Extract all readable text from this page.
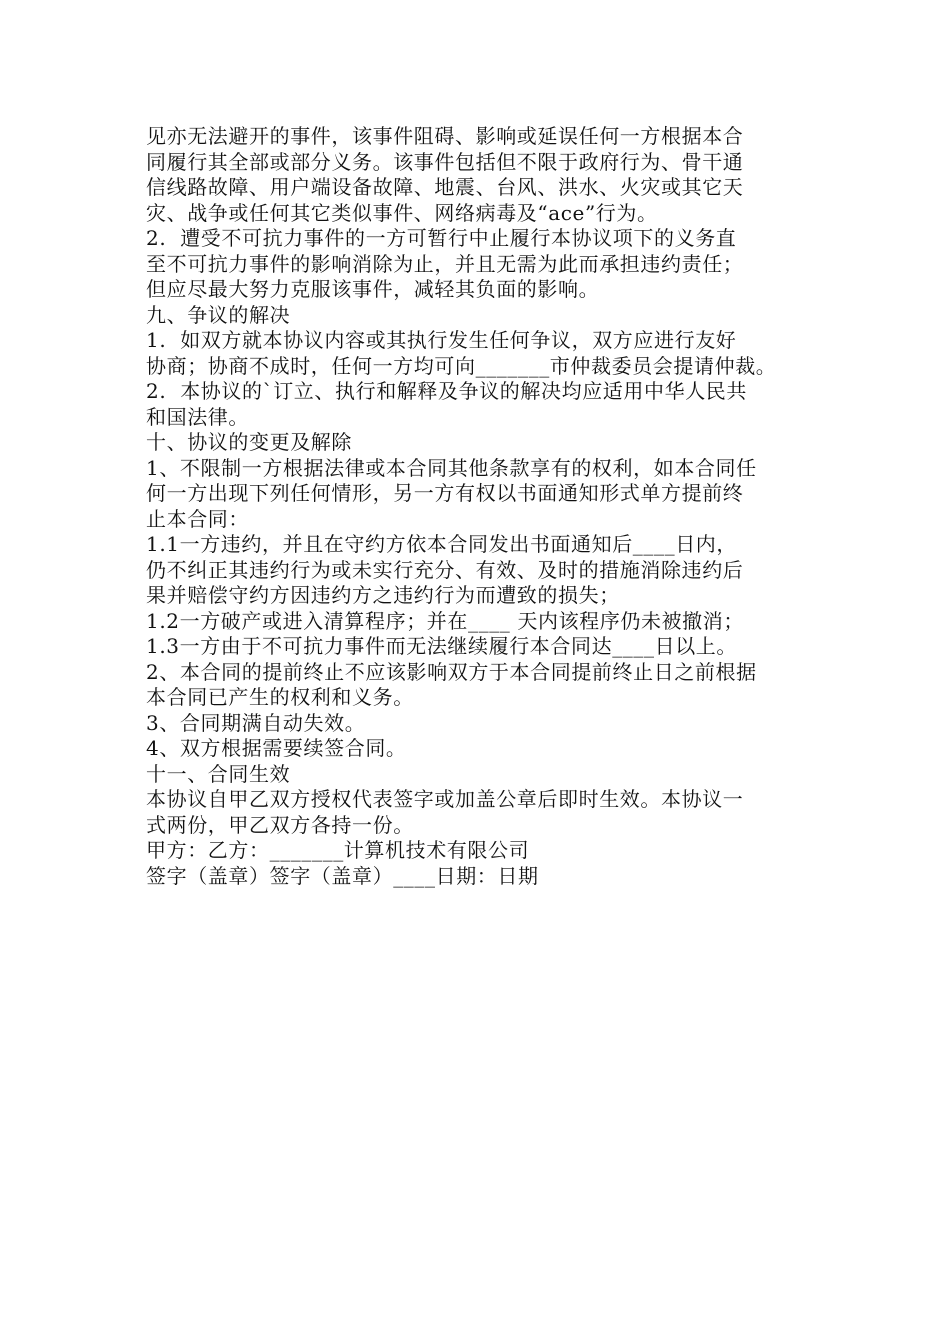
见亦无法避开的事件，该事件阻碍、影响或延误任何一方根据本合
同履行其全部或部分义务。该事件包括但不限于政府行为、骨干通
信线路故障、用户端设备故障、地震、台风、洪水、火灾或其它天
灾、战争或任何其它类似事件、网络病毒及“ace”行为。
2.  遭受不可抗力事件的一方可暂行中止履行本协议项下的义务直
至不可抗力事件的影响消除为止，并且无需为此而承担违约责任；
但应尽最大努力克服该事件，减轻其负面的影响。
九、争议的解决
1.  如双方就本协议内容或其执行发生任何争议，双方应进行友好
协商；协商不成时，任何一方均可向_______市仲裁委员会提请仲裁。
2.  本协议的`订立、执行和解释及争议的解决均应适用中华人民共
和国法律。
十、协议的变更及解除
1、不限制一方根据法律或本合同其他条款享有的权利，如本合同任
何一方出现下列任何情形，另一方有权以书面通知形式单方提前终
止本合同：
1.1一方违约，并且在守约方依本合同发出书面通知后____日内，
仍不纠正其违约行为或未实行充分、有效、及时的措施消除违约后
果并赔偿守约方因违约方之违约行为而遭致的损失；
1.2一方破产或进入清算程序；并在____ 天内该程序仍未被撤消；
1.3一方由于不可抗力事件而无法继续履行本合同达____日以上。
2、本合同的提前终止不应该影响双方于本合同提前终止日之前根据
本合同已产生的权利和义务。
3、合同期满自动失效。
4、双方根据需要续签合同。
十一、合同生效
本协议自甲乙双方授权代表签字或加盖公章后即时生效。本协议一
式两份，甲乙双方各持一份。
甲方：乙方：_______计算机技术有限公司
签字（盖章）签字（盖章）____日期：日期
